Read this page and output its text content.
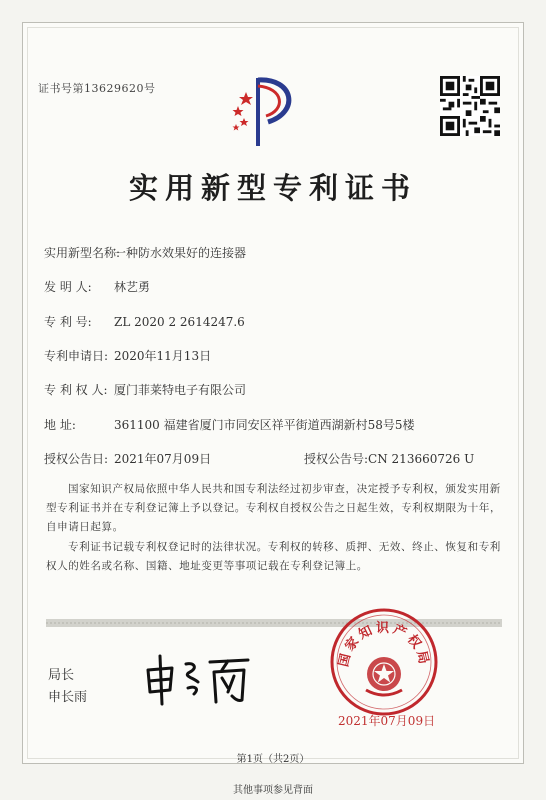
证书号第13629620号
实用新型专利证书
实用新型名称:一种防水效果好的连接器
发 明 人: 林艺勇
专 利 号: ZL 2020 2 2614247.6
专利申请日: 2020年11月13日
专 利 权 人: 厦门菲莱特电子有限公司
地 址:	361100 福建省厦门市同安区祥平街道西湖新村58号5楼
授权公告日: 2021年07月09日	授权公告号:CN 213660726 U
国家知识产权局依照中华人民共和国专利法经过初步审查，决定授予专利权，颁发实用新型专利证书并在专利登记簿上予以登记。专利权自授权公告之日起生效，专利权期限为十年，自申请日起算。
专利证书记载专利权登记时的法律状况。专利权的转移、质押、无效、终止、恢复和专利权人的姓名或名称、国籍、地址变更等事项记载在专利登记簿上。
局长
申长雨
国家知识产权局
2021年07月09日
第1页（共2页）
其他事项参见背面
